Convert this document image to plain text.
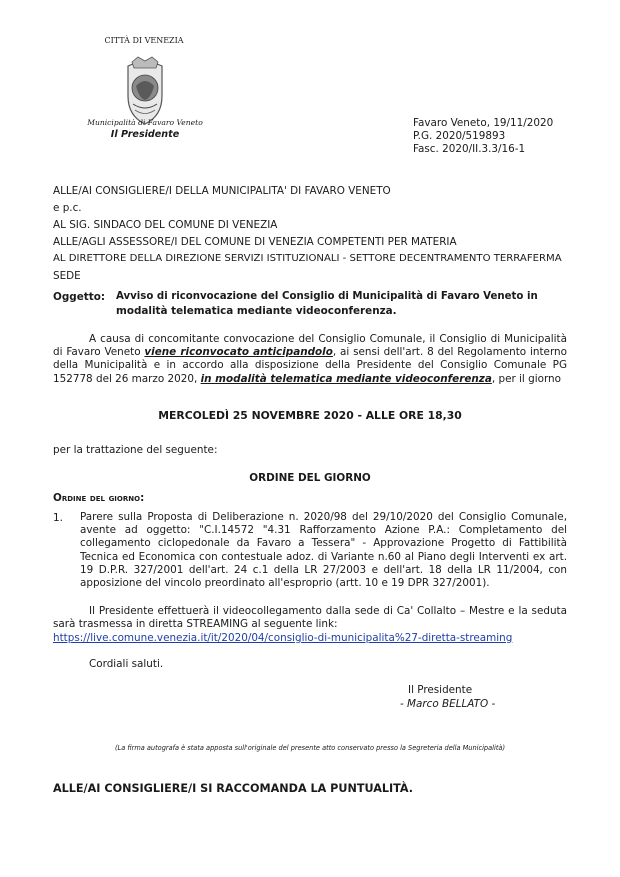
CITTÀ DI VENEZIA
Municipalità di Favaro Veneto
Il Presidente
Favaro Veneto, 19/11/2020
P.G. 2020/519893
Fasc. 2020/II.3.3/16-1
ALLE/AI CONSIGLIERE/I DELLA MUNICIPALITA' DI FAVARO VENETO
e p.c.
AL SIG. SINDACO DEL COMUNE DI VENEZIA
ALLE/AGLI ASSESSORE/I DEL COMUNE DI VENEZIA COMPETENTI PER MATERIA
AL DIRETTORE DELLA DIREZIONE SERVIZI ISTITUZIONALI - SETTORE DECENTRAMENTO TERRAFERMA
SEDE
Oggetto: Avviso di riconvocazione del Consiglio di Municipalità di Favaro Veneto in
modalità telematica mediante videoconferenza.
A causa di concomitante convocazione del Consiglio Comunale, il Consiglio di Municipalità di Favaro Veneto viene riconvocato anticipandolo, ai sensi dell'art. 8 del Regolamento interno della Municipalità e in accordo alla disposizione della Presidente del Consiglio Comunale PG 152778 del 26 marzo 2020, in modalità telematica mediante videoconferenza, per il giorno
MERCOLEDÌ 25 NOVEMBRE 2020 - ALLE ORE 18,30
per la trattazione del seguente:
ORDINE DEL GIORNO
Ordine del giorno:
1. Parere sulla Proposta di Deliberazione n. 2020/98 del 29/10/2020 del Consiglio Comunale, avente ad oggetto: "C.I.14572 "4.31 Rafforzamento Azione P.A.: Completamento del collegamento ciclopedonale da Favaro a Tessera" - Approvazione Progetto di Fattibilità Tecnica ed Economica con contestuale adoz. di Variante n.60 al Piano degli Interventi ex art. 19 D.P.R. 327/2001 dell'art. 24 c.1 della LR 27/2003 e dell'art. 18 della LR 11/2004, con apposizione del vincolo preordinato all'esproprio (artt. 10 e 19 DPR 327/2001).
Il Presidente effettuerà il videocollegamento dalla sede di Ca' Collalto – Mestre e la seduta sarà trasmessa in diretta STREAMING al seguente link:
https://live.comune.venezia.it/it/2020/04/consiglio-di-municipalita%27-diretta-streaming
Cordiali saluti.
Il Presidente
- Marco BELLATO -
(La firma autografa è stata apposta sull'originale del presente atto conservato presso la Segreteria della Municipalità)
ALLE/AI CONSIGLIERE/I SI RACCOMANDA LA PUNTUALITÀ.
